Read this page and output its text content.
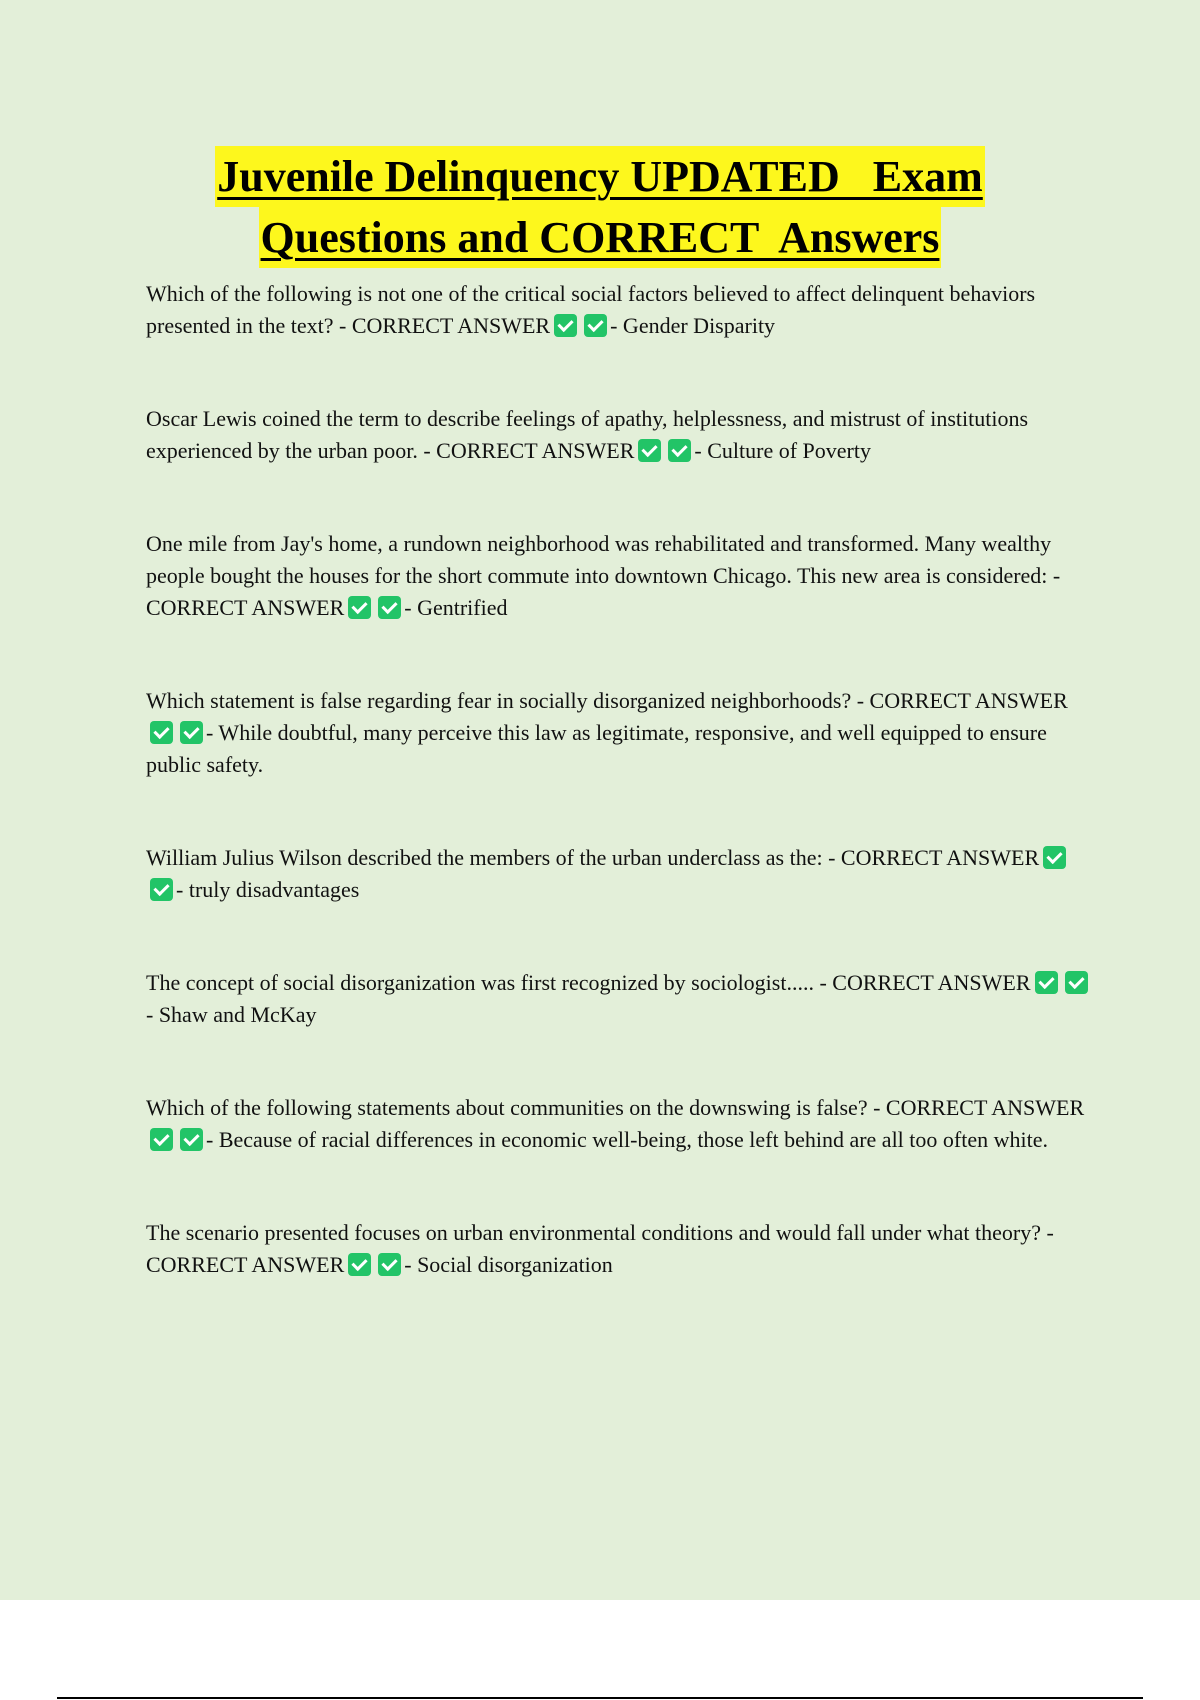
Juvenile Delinquency UPDATED   Exam
Questions and CORRECT  Answers
Which of the following is not one of the critical social factors believed to affect delinquent behaviors presented in the text? - CORRECT ANSWER	- Gender Disparity
Oscar Lewis coined the term to describe feelings of apathy, helplessness, and mistrust of institutions experienced by the urban poor. - CORRECT ANSWER	- Culture of Poverty
One mile from Jay's home, a rundown neighborhood was rehabilitated and transformed. Many wealthy people bought the houses for the short commute into downtown Chicago. This new area is considered: - CORRECT ANSWER	- Gentrified
Which statement is false regarding fear in socially disorganized neighborhoods? - CORRECT ANSWER- While doubtful, many perceive this law as legitimate, responsive, and well equipped to ensure public safety.
William Julius Wilson described the members of the urban underclass as the: - CORRECT ANSWER- truly disadvantages
The concept of social disorganization was first recognized by sociologist..... - CORRECT ANSWER- Shaw and McKay
Which of the following statements about communities on the downswing is false? - CORRECT ANSWER- Because of racial differences in economic well-being, those left behind are all too often white.
The scenario presented focuses on urban environmental conditions and would fall under what theory? - CORRECT ANSWER	- Social disorganization
